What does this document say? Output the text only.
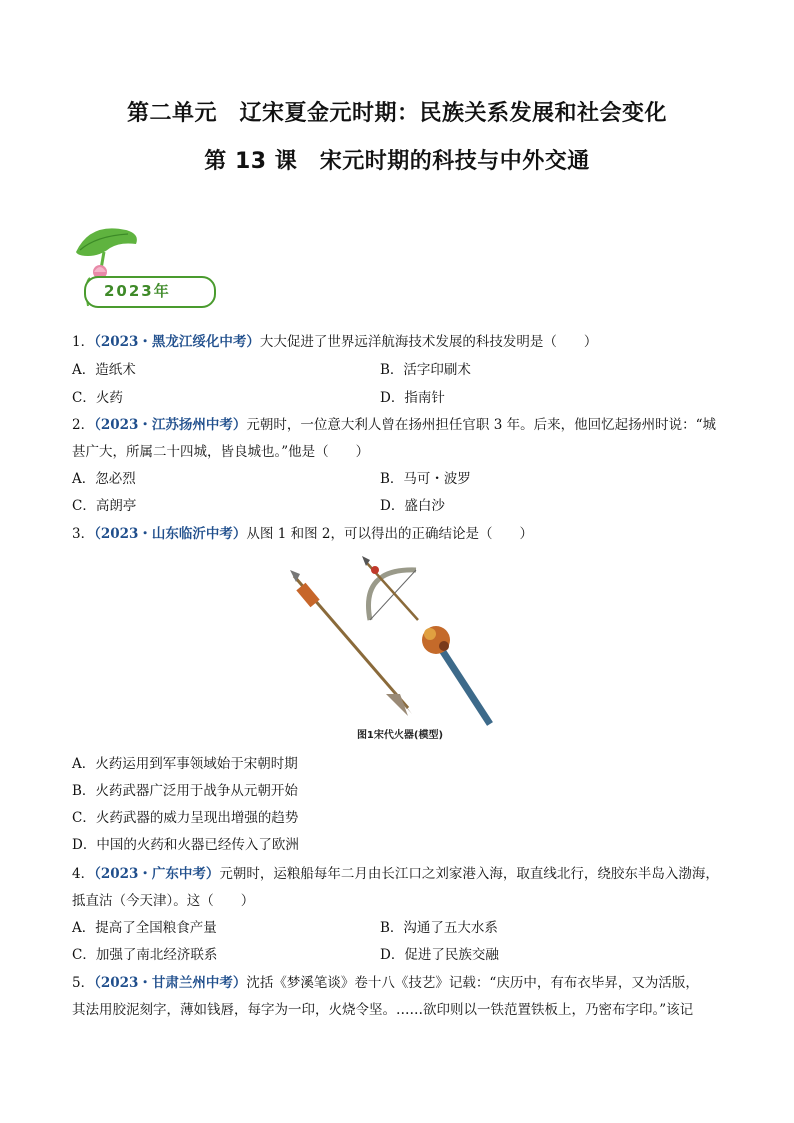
第二单元　辽宋夏金元时期：民族关系发展和社会变化
第 13 课　宋元时期的科技与中外交通
2023年
1．（2023・黑龙江绥化中考）大大促进了世界远洋航海技术发展的科技发明是（　　）
A．造纸术	B．活字印刷术
C．火药	D．指南针
2．（2023・江苏扬州中考）元朝时，一位意大利人曾在扬州担任官职 3 年。后来，他回忆起扬州时说：“城
甚广大，所属二十四城，皆良城也。”他是（　　）
A．忽必烈	B．马可・波罗
C．高朗亭	D．盛白沙
3．（2023・山东临沂中考）从图 1 和图 2，可以得出的正确结论是（　　）
图1宋代火器(模型)
A．火药运用到军事领域始于宋朝时期
B．火药武器广泛用于战争从元朝开始
C．火药武器的威力呈现出增强的趋势
D．中国的火药和火器已经传入了欧洲
4．（2023・广东中考）元朝时，运粮船每年二月由长江口之刘家港入海，取直线北行，绕胶东半岛入渤海，
抵直沽（今天津）。这（　　）
A．提高了全国粮食产量	B．沟通了五大水系
C．加强了南北经济联系	D．促进了民族交融
5．（2023・甘肃兰州中考）沈括《梦溪笔谈》卷十八《技艺》记载：“庆历中，有布衣毕昇，又为活版，
其法用胶泥刻字，薄如钱唇，每字为一印，火烧令坚。……欲印则以一铁范置铁板上，乃密布字印。”该记
